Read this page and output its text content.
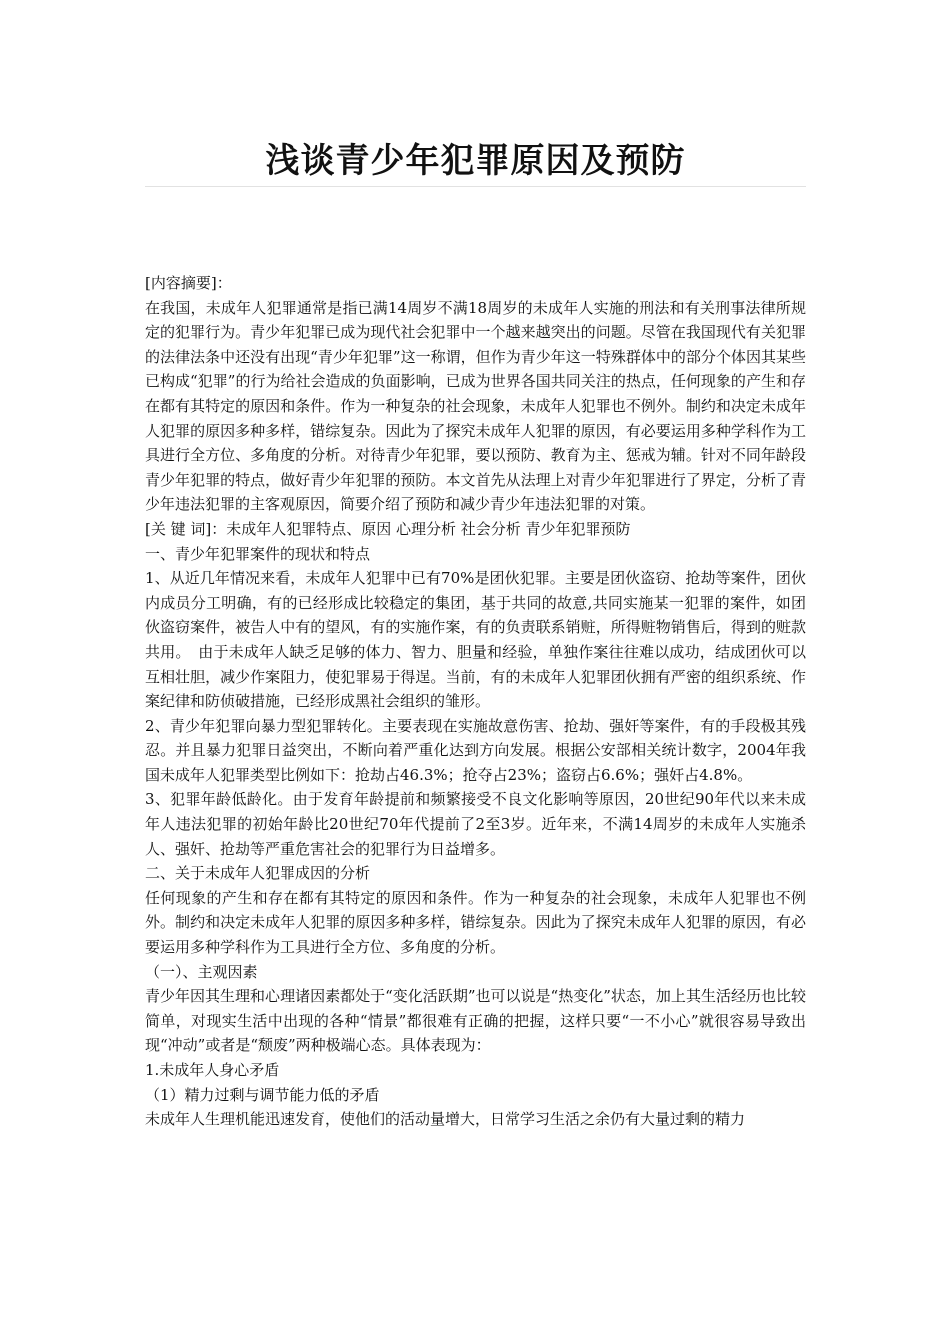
浅谈青少年犯罪原因及预防

[内容摘要]：

在我国，未成年人犯罪通常是指已满14周岁不满18周岁的未成年人实施的刑法和有关刑事法律所规定的犯罪行为。青少年犯罪已成为现代社会犯罪中一个越来越突出的问题。尽管在我国现代有关犯罪的法律法条中还没有出现“青少年犯罪”这一称谓，但作为青少年这一特殊群体中的部分个体因其某些已构成“犯罪”的行为给社会造成的负面影响，已成为世界各国共同关注的热点，任何现象的产生和存在都有其特定的原因和条件。作为一种复杂的社会现象，未成年人犯罪也不例外。制约和决定未成年人犯罪的原因多种多样，错综复杂。因此为了探究未成年人犯罪的原因，有必要运用多种学科作为工具进行全方位、多角度的分析。对待青少年犯罪，要以预防、教育为主、惩戒为辅。针对不同年龄段青少年犯罪的特点，做好青少年犯罪的预防。本文首先从法理上对青少年犯罪进行了界定，分析了青少年违法犯罪的主客观原因，简要介绍了预防和减少青少年违法犯罪的对策。

[关 键 词]：未成年人犯罪特点、原因 心理分析 社会分析 青少年犯罪预防

一、青少年犯罪案件的现状和特点

1、从近几年情况来看，未成年人犯罪中已有70%是团伙犯罪。主要是团伙盗窃、抢劫等案件，团伙内成员分工明确，有的已经形成比较稳定的集团，基于共同的故意,共同实施某一犯罪的案件，如团伙盗窃案件，被告人中有的望风，有的实施作案，有的负责联系销赃，所得赃物销售后，得到的赃款共用。　由于未成年人缺乏足够的体力、智力、胆量和经验，单独作案往往难以成功，结成团伙可以互相壮胆，减少作案阻力，使犯罪易于得逞。当前，有的未成年人犯罪团伙拥有严密的组织系统、作案纪律和防侦破措施，已经形成黑社会组织的雏形。

2、青少年犯罪向暴力型犯罪转化。主要表现在实施故意伤害、抢劫、强奸等案件，有的手段极其残忍。并且暴力犯罪日益突出，不断向着严重化达到方向发展。根据公安部相关统计数字，2004年我国未成年人犯罪类型比例如下：抢劫占46.3%；抢夺占23%；盗窃占6.6%；强奸占4.8%。

3、犯罪年龄低龄化。由于发育年龄提前和频繁接受不良文化影响等原因，20世纪90年代以来未成年人违法犯罪的初始年龄比20世纪70年代提前了2至3岁。近年来，不满14周岁的未成年人实施杀人、强奸、抢劫等严重危害社会的犯罪行为日益增多。

二、关于未成年人犯罪成因的分析

任何现象的产生和存在都有其特定的原因和条件。作为一种复杂的社会现象，未成年人犯罪也不例外。制约和决定未成年人犯罪的原因多种多样，错综复杂。因此为了探究未成年人犯罪的原因，有必要运用多种学科作为工具进行全方位、多角度的分析。

（一）、主观因素

青少年因其生理和心理诸因素都处于“变化活跃期”也可以说是“热变化”状态，加上其生活经历也比较简单，对现实生活中出现的各种“情景”都很难有正确的把握，这样只要“一不小心”就很容易导致出现“冲动”或者是“颓废”两种极端心态。具体表现为：

1.未成年人身心矛盾

（1）精力过剩与调节能力低的矛盾

未成年人生理机能迅速发育，使他们的活动量增大，日常学习生活之余仍有大量过剩的精力
